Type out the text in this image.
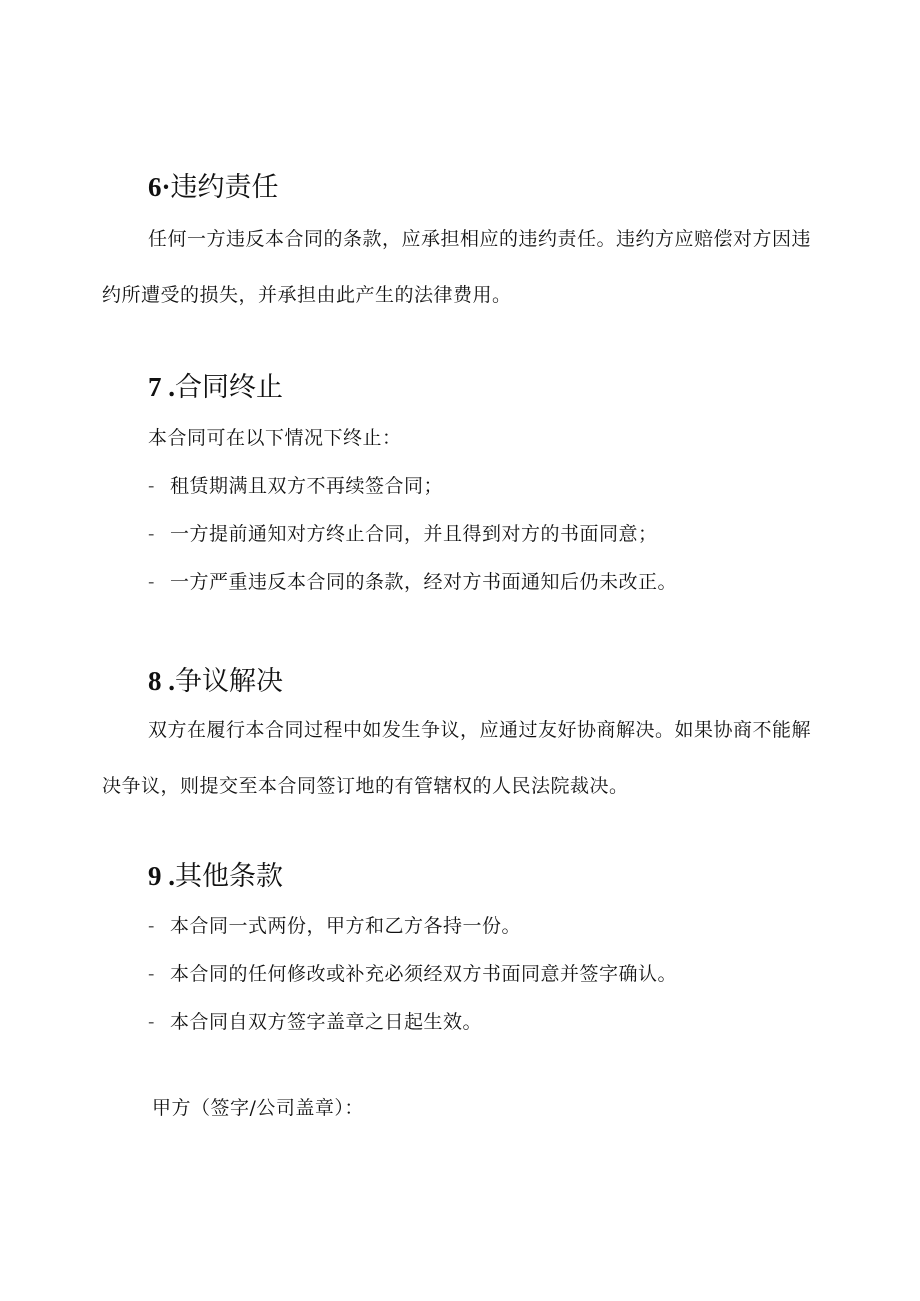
6·违约责任

任何一方违反本合同的条款，应承担相应的违约责任。违约方应赔偿对方因违约所遭受的损失，并承担由此产生的法律费用。

7 .合同终止

本合同可在以下情况下终止：

- 租赁期满且双方不再续签合同；

- 一方提前通知对方终止合同，并且得到对方的书面同意；

- 一方严重违反本合同的条款，经对方书面通知后仍未改正。

8 .争议解决

双方在履行本合同过程中如发生争议，应通过友好协商解决。如果协商不能解决争议，则提交至本合同签订地的有管辖权的人民法院裁决。

9 .其他条款

- 本合同一式两份，甲方和乙方各持一份。

- 本合同的任何修改或补充必须经双方书面同意并签字确认。

- 本合同自双方签字盖章之日起生效。

甲方（签字/公司盖章）：
